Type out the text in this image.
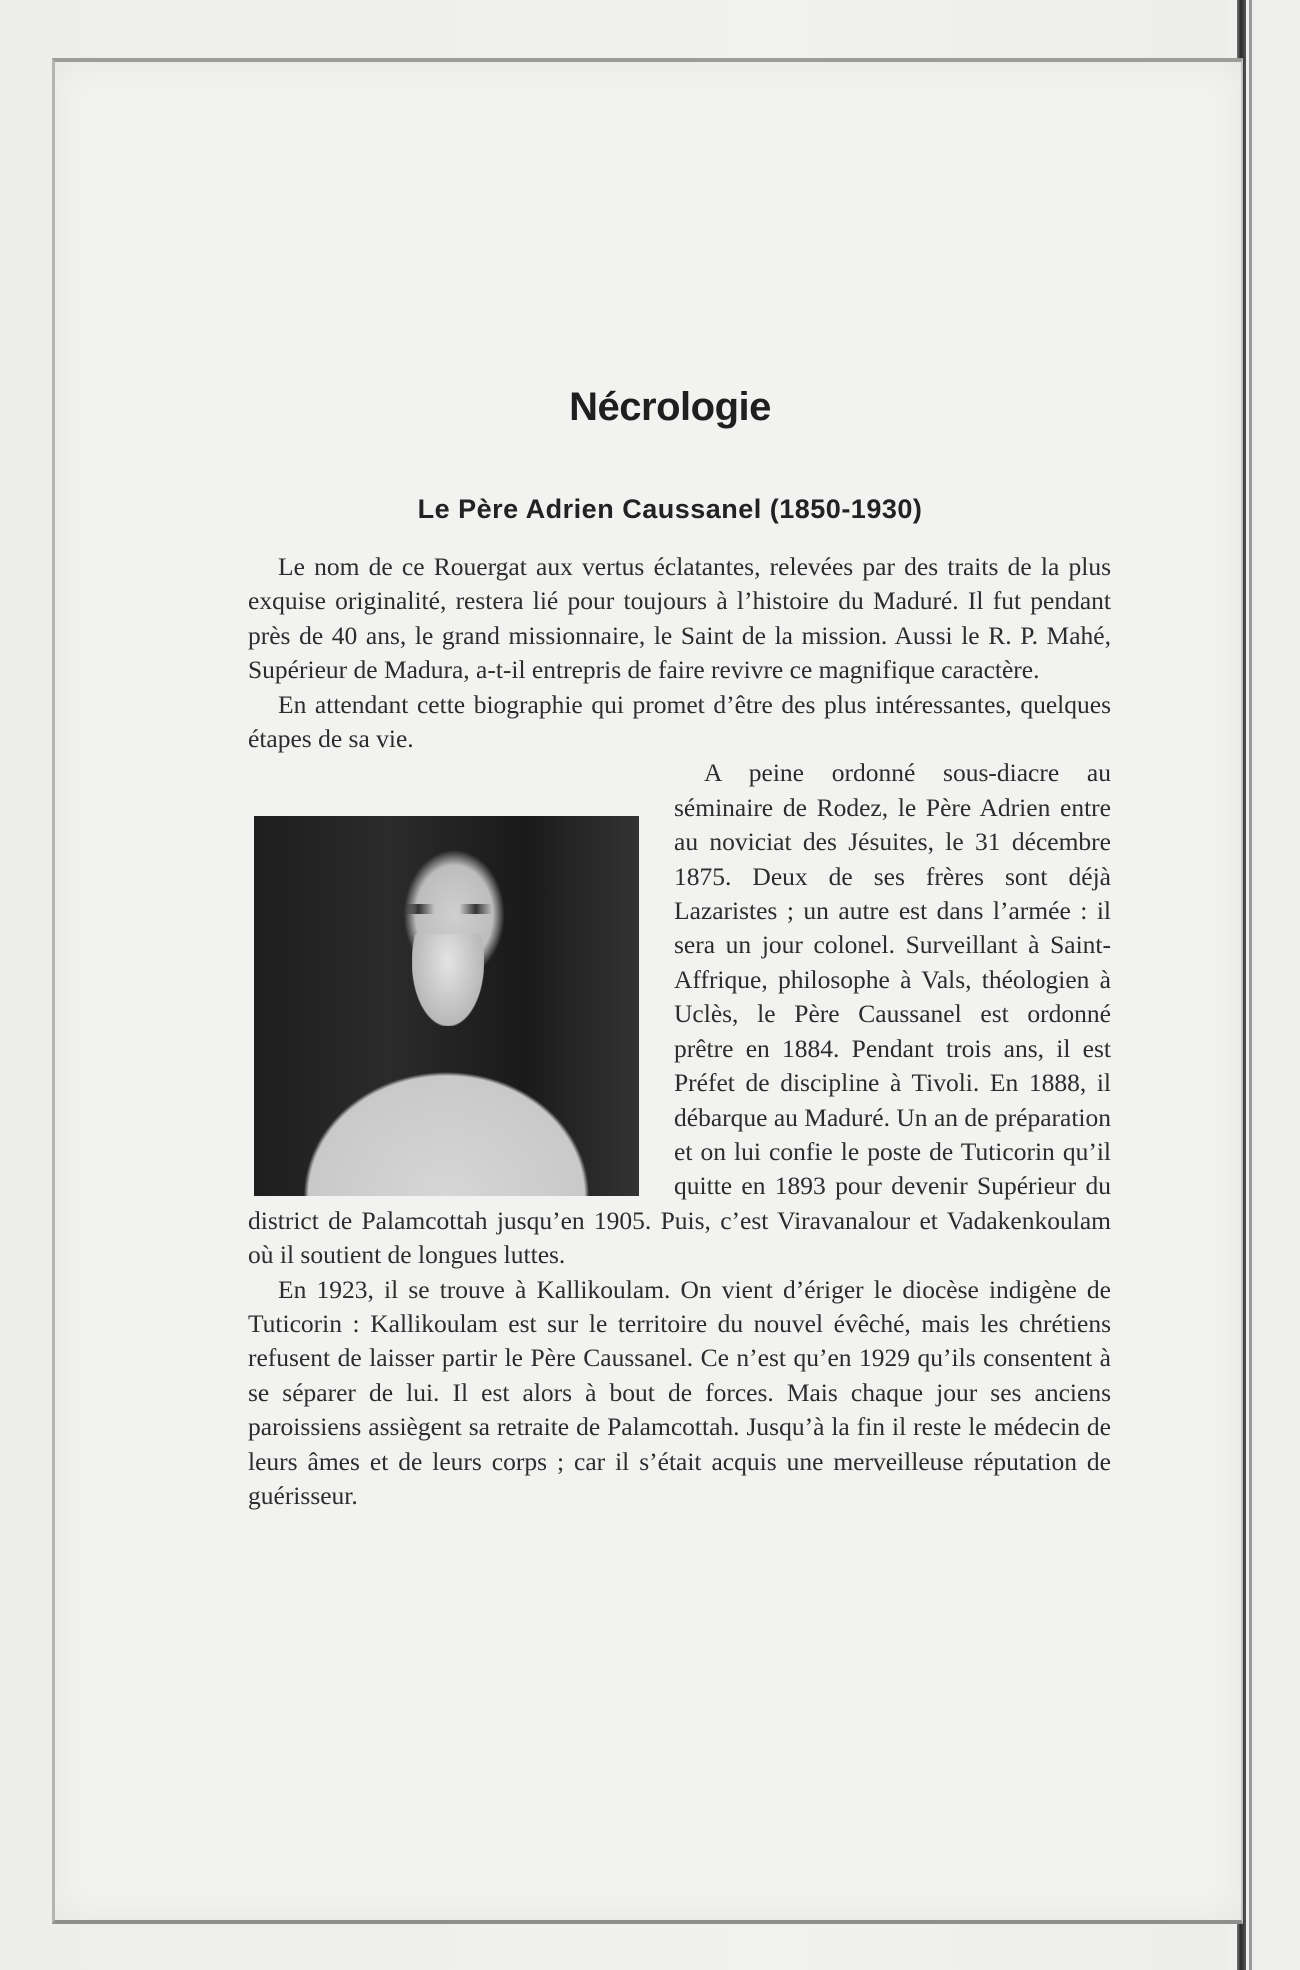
Nécrologie
Le Père Adrien Caussanel (1850-1930)

Le nom de ce Rouergat aux vertus éclatantes, relevées par des traits de la plus exquise originalité, restera lié pour toujours à l’histoire du Maduré. Il fut pendant près de 40 ans, le grand missionnaire, le Saint de la mission. Aussi le R. P. Mahé, Supérieur de Madura, a-t-il entrepris de faire revivre ce magnifique caractère.

En attendant cette biographie qui promet d’être des plus intéressantes, quelques étapes de sa vie.

A peine ordonné sous-diacre au séminaire de Rodez, le Père Adrien entre au noviciat des Jésuites, le 31 décembre 1875. Deux de ses frères sont déjà Lazaristes ; un autre est dans l’armée : il sera un jour colonel. Surveillant à Saint-Affrique, philosophe à Vals, théologien à Uclès, le Père Caussanel est ordonné prêtre en 1884. Pendant trois ans, il est Préfet de discipline à Tivoli. En 1888, il débarque au Maduré. Un an de préparation et on lui confie le poste de Tuticorin qu’il quitte en 1893 pour devenir Supérieur du district de Palamcottah jusqu’en 1905. Puis, c’est Viravanalour et Vadakenkoulam où il soutient de longues luttes.

En 1923, il se trouve à Kallikoulam. On vient d’ériger le diocèse indigène de Tuticorin : Kallikoulam est sur le territoire du nouvel évêché, mais les chrétiens refusent de laisser partir le Père Caussanel. Ce n’est qu’en 1929 qu’ils consentent à se séparer de lui. Il est alors à bout de forces. Mais chaque jour ses anciens paroissiens assiègent sa retraite de Palamcottah. Jusqu’à la fin il reste le médecin de leurs âmes et de leurs corps ; car il s’était acquis une merveilleuse réputation de guérisseur.
